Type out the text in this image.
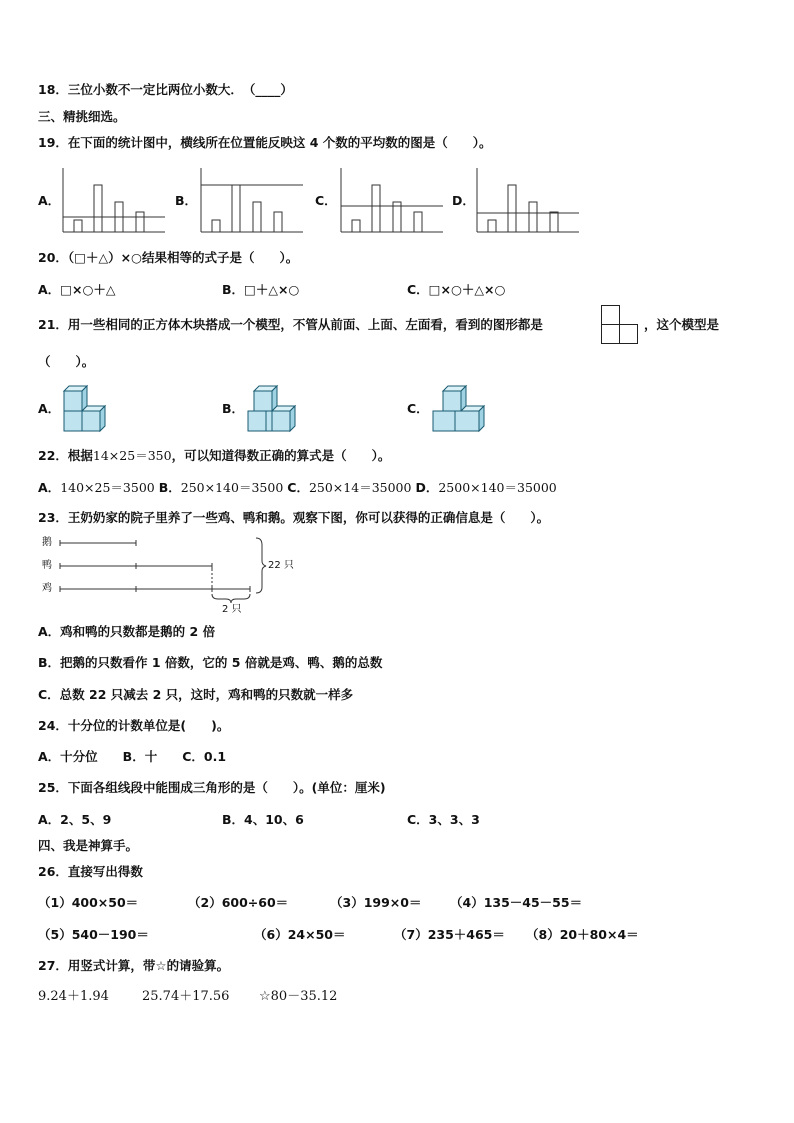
18．三位小数不一定比两位小数大．　（____）
三、精挑细选。
19．在下面的统计图中，横线所在位置能反映这 4 个数的平均数的图是（　　）。
A．	B．	C．	D．
20．（□＋△）×○结果相等的式子是（　　）。
A．□×○＋△	B．□＋△×○	C．□×○＋△×○
21．用一些相同的正方体木块搭成一个模型，不管从前面、上面、左面看，看到的图形都是	，这个模型是
（　　）。
A．	B．	C．
22．根据14×25＝350，可以知道得数正确的算式是（　　）。
A．140×25＝3500 B．250×140＝3500 C．250×14＝35000 D．2500×140＝35000
23．王奶奶家的院子里养了一些鸡、鸭和鹅。观察下图，你可以获得的正确信息是（　　）。
鹅
鸭
鸡
22 只
2 只
A．鸡和鸭的只数都是鹅的 2 倍
B．把鹅的只数看作 1 倍数，它的 5 倍就是鸡、鸭、鹅的总数
C．总数 22 只减去 2 只，这时，鸡和鸭的只数就一样多
24．十分位的计数单位是(　　)。
A．十分位　　B．十　　C．0.1
25．下面各组线段中能围成三角形的是（　　）。(单位：厘米)
A．2、5、9	B．4、10、6	C．3、3、3
四、我是神算手。
26．直接写出得数
（1）400×50＝	（2）600÷60＝	（3）199×0＝ （4）135－45－55＝
（5）540－190＝	（6）24×50＝	（7）235＋465＝ （8）20＋80×4＝
27．用竖式计算，带☆的请验算。
9.24＋1.94	25.74＋17.56 ☆80－35.12
